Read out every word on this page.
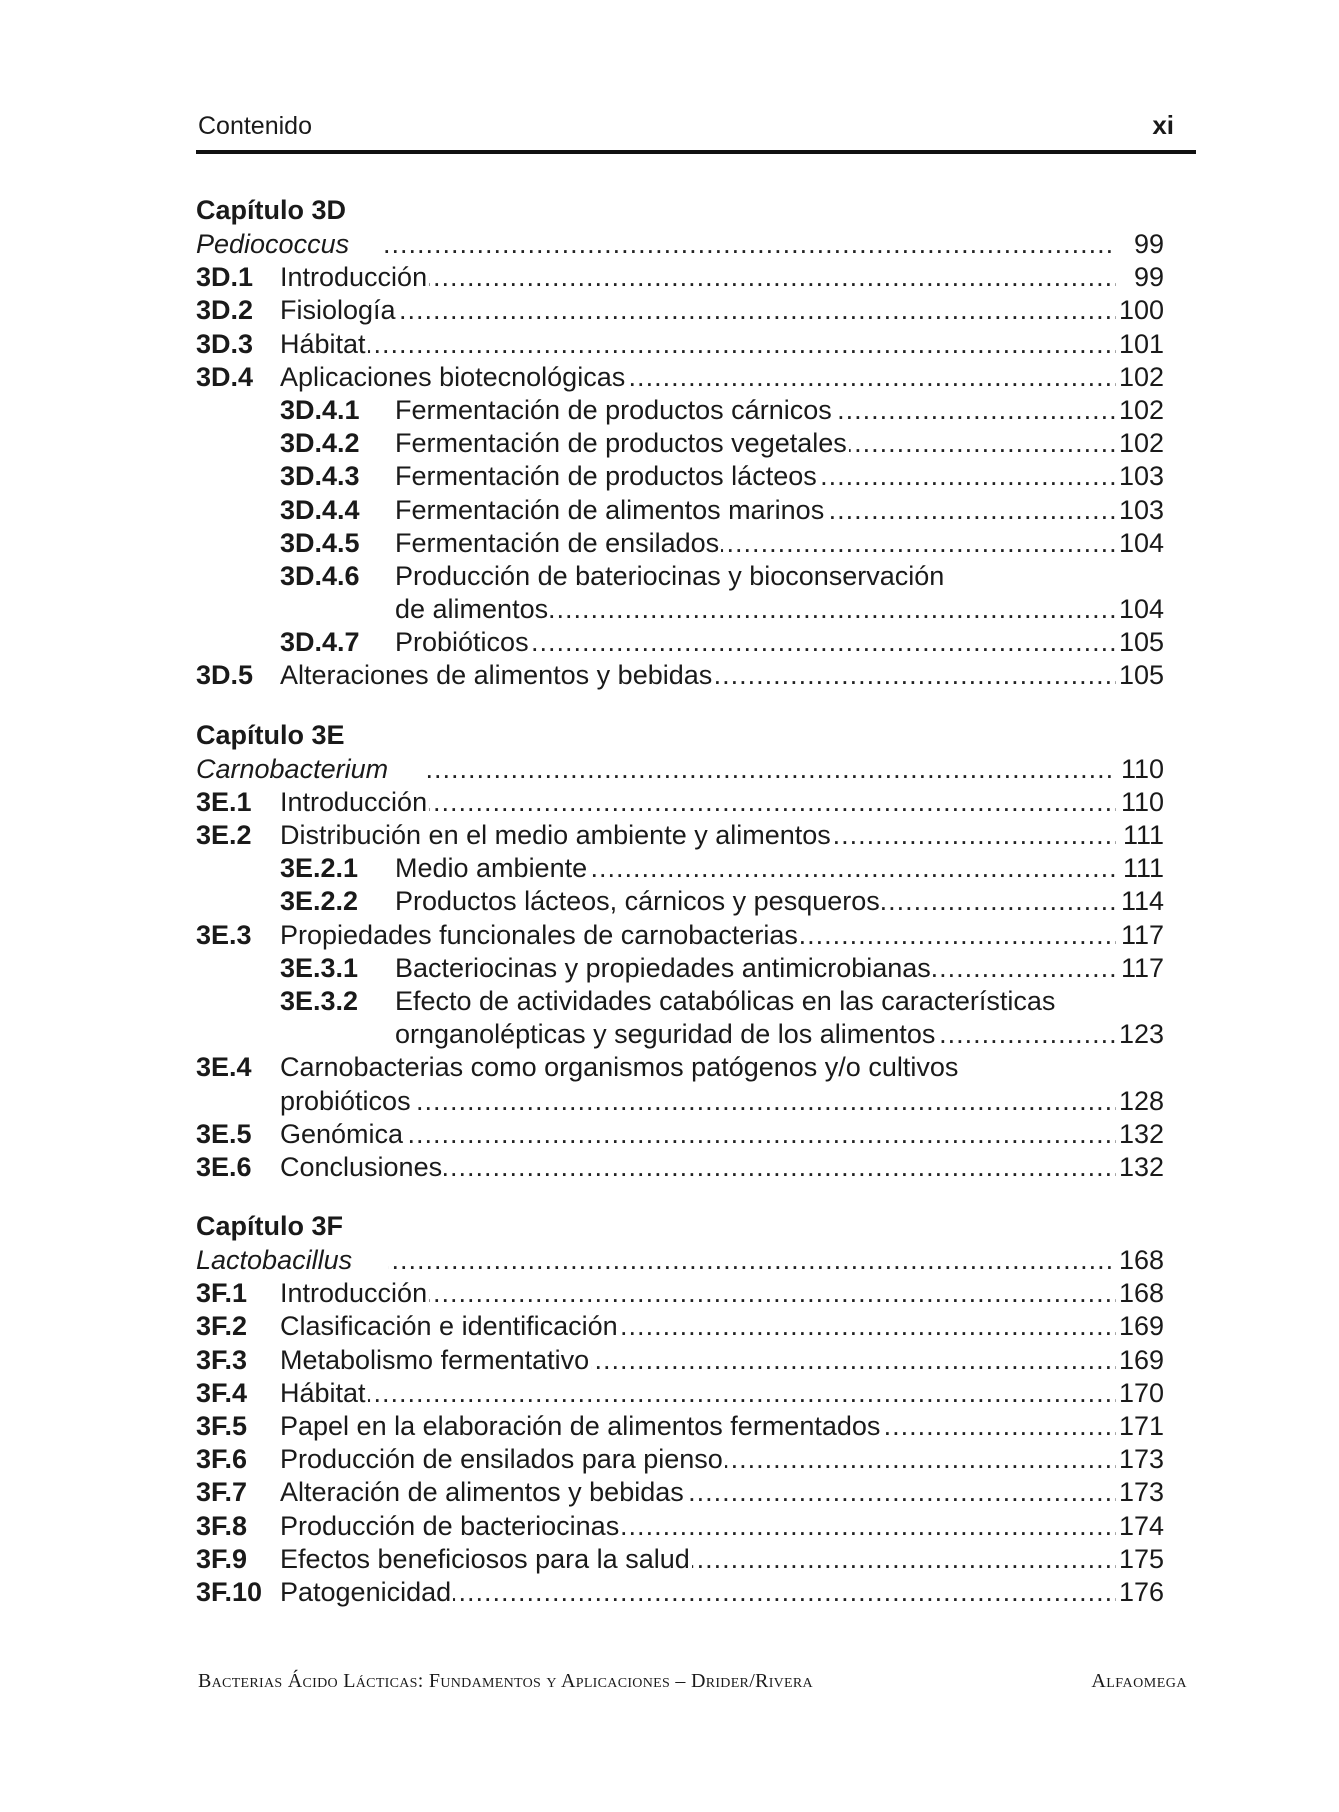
Contenido	xi
Capítulo 3D
Pediococcus .....	99
3D.1 Introducción .....	99
3D.2 Fisiología .....	100
3D.3 Hábitat .....	101
3D.4 Aplicaciones biotecnológicas .....	102
3D.4.1 Fermentación de productos cárnicos .....	102
3D.4.2 Fermentación de productos vegetales .....	102
3D.4.3 Fermentación de productos lácteos .....	103
3D.4.4 Fermentación de alimentos marinos .....	103
3D.4.5 Fermentación de ensilados .....	104
3D.4.6 Producción de bateriocinas y bioconservación
de alimentos .....	104
3D.4.7 Probióticos .....	105
3D.5 Alteraciones de alimentos y bebidas .....	105
Capítulo 3E
Carnobacterium .....	110
3E.1 Introducción .....	110
3E.2 Distribución en el medio ambiente y alimentos .....	111
3E.2.1 Medio ambiente .....	111
3E.2.2 Productos lácteos, cárnicos y pesqueros .....	114
3E.3 Propiedades funcionales de carnobacterias .....	117
3E.3.1 Bacteriocinas y propiedades antimicrobianas .....	117
3E.3.2 Efecto de actividades catabólicas en las características
ornganolépticas y seguridad de los alimentos .....	123
3E.4 Carnobacterias como organismos patógenos y/o cultivos
probióticos .....	128
3E.5 Genómica .....	132
3E.6 Conclusiones .....	132
Capítulo 3F
Lactobacillus .....	168
3F.1 Introducción .....	168
3F.2 Clasificación e identificación .....	169
3F.3 Metabolismo fermentativo .....	169
3F.4 Hábitat .....	170
3F.5 Papel en la elaboración de alimentos fermentados .....	171
3F.6 Producción de ensilados para pienso .....	173
3F.7 Alteración de alimentos y bebidas .....	173
3F.8 Producción de bacteriocinas .....	174
3F.9 Efectos beneficiosos para la salud .....	175
3F.10 Patogenicidad .....	176
Bacterias Ácido Lácticas: Fundamentos y Aplicaciones – Drider/Rivera	Alfaomega
